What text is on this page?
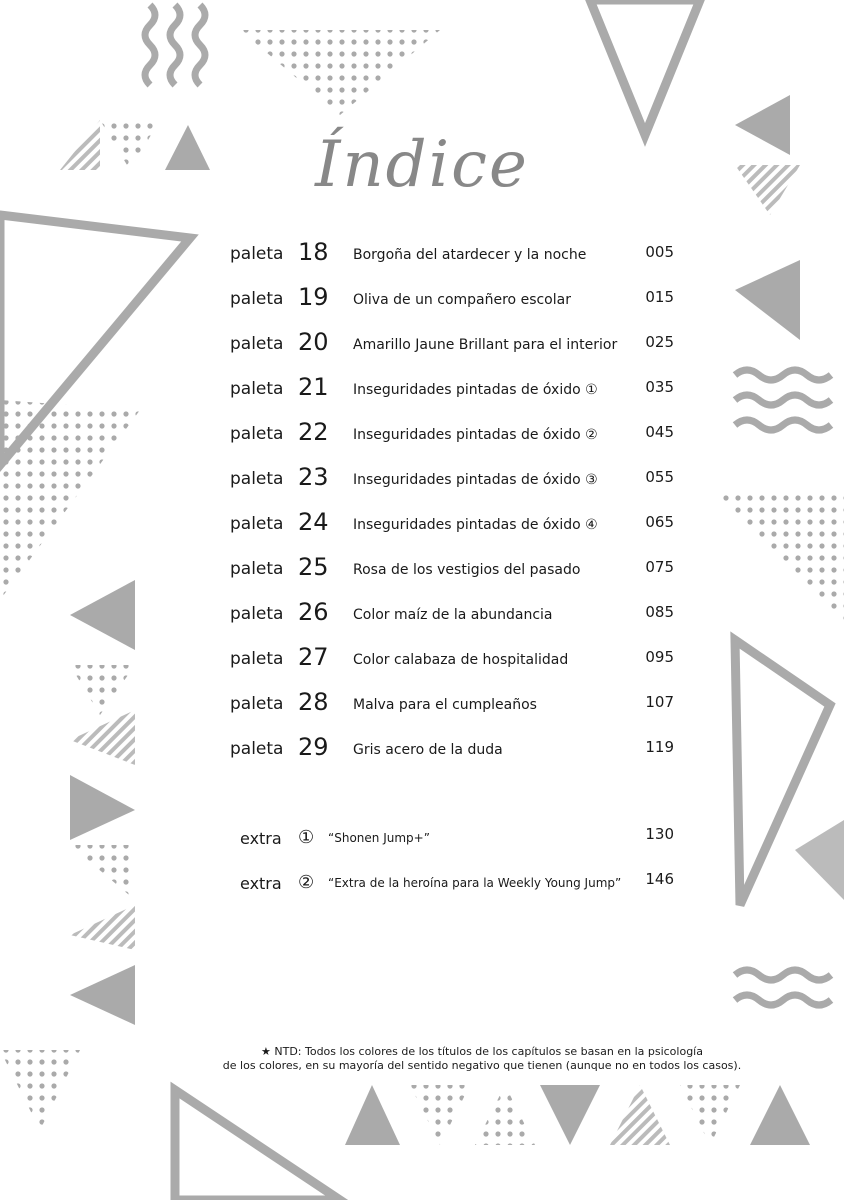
Índice
paleta 18 Borgoña del atardecer y la noche	005
paleta 19 Oliva de un compañero escolar	015
paleta 20 Amarillo Jaune Brillant para el interior 025
paleta 21 Inseguridades pintadas de óxido ①	035
paleta 22 Inseguridades pintadas de óxido ②	045
paleta 23 Inseguridades pintadas de óxido ③	055
paleta 24 Inseguridades pintadas de óxido ④	065
paleta 25 Rosa de los vestigios del pasado	075
paleta 26 Color maíz de la abundancia	085
paleta 27 Color calabaza de hospitalidad	095
paleta 28 Malva para el cumpleaños	107
paleta 29 Gris acero de la duda	119
extra ① “Shonen Jump+”	130
extra ② “Extra de la heroína para la Weekly Young Jump” 146
★ NTD: Todos los colores de los títulos de los capítulos se basan en la psicología
de los colores, en su mayoría del sentido negativo que tienen (aunque no en todos los casos).
